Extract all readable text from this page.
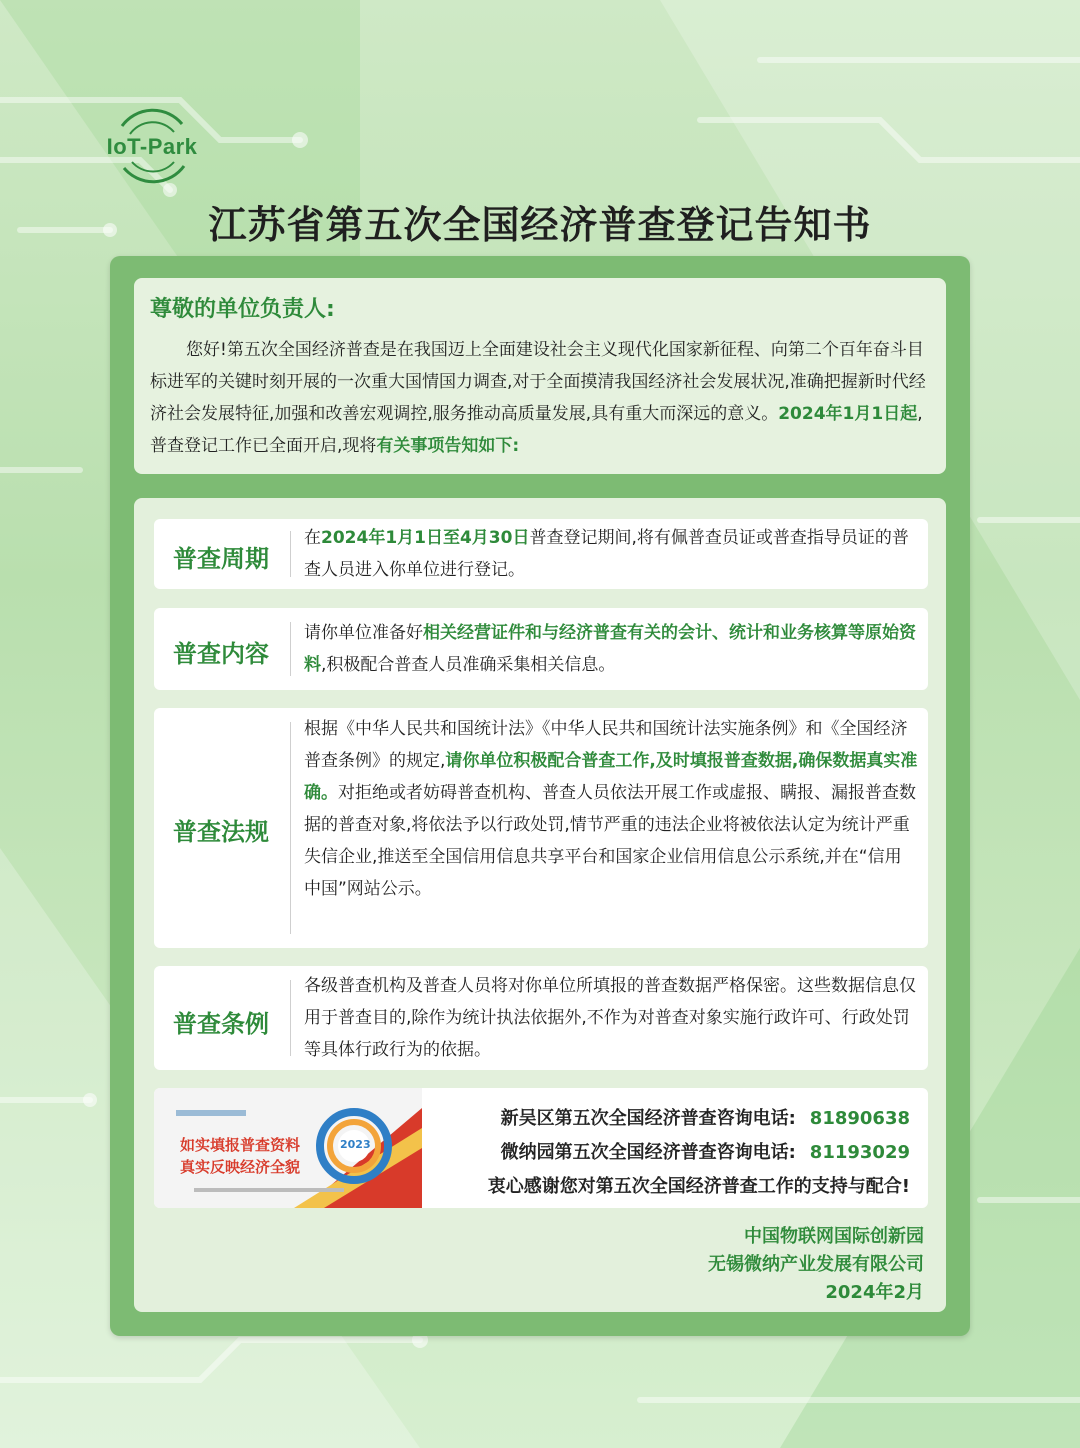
IoT-Park
江苏省第五次全国经济普查登记告知书
尊敬的单位负责人:
您好!第五次全国经济普查是在我国迈上全面建设社会主义现代化国家新征程、向第二个百年奋斗目标进军的关键时刻开展的一次重大国情国力调查,对于全面摸清我国经济社会发展状况,准确把握新时代经济社会发展特征,加强和改善宏观调控,服务推动高质量发展,具有重大而深远的意义。2024年1月1日起,普查登记工作已全面开启,现将有关事项告知如下:
普查周期
在2024年1月1日至4月30日普查登记期间,将有佩普查员证或普查指导员证的普查人员进入你单位进行登记。
普查内容
请你单位准备好相关经营证件和与经济普查有关的会计、统计和业务核算等原始资料,积极配合普查人员准确采集相关信息。
普查法规
根据《中华人民共和国统计法》《中华人民共和国统计法实施条例》和《全国经济普查条例》的规定,请你单位积极配合普查工作,及时填报普查数据,确保数据真实准确。对拒绝或者妨碍普查机构、普查人员依法开展工作或虚报、瞒报、漏报普查数据的普查对象,将依法予以行政处罚,情节严重的违法企业将被依法认定为统计严重失信企业,推送至全国信用信息共享平台和国家企业信用信息公示系统,并在“信用中国”网站公示。
普查条例
各级普查机构及普查人员将对你单位所填报的普查数据严格保密。这些数据信息仅用于普查目的,除作为统计执法依据外,不作为对普查对象实施行政许可、行政处罚等具体行政行为的依据。
如实填报普查资料
真实反映经济全貌
2023
新吴区第五次全国经济普查咨询电话: 81890638
微纳园第五次全国经济普查咨询电话: 81193029
衷心感谢您对第五次全国经济普查工作的支持与配合!
中国物联网国际创新园
无锡微纳产业发展有限公司
2024年2月
